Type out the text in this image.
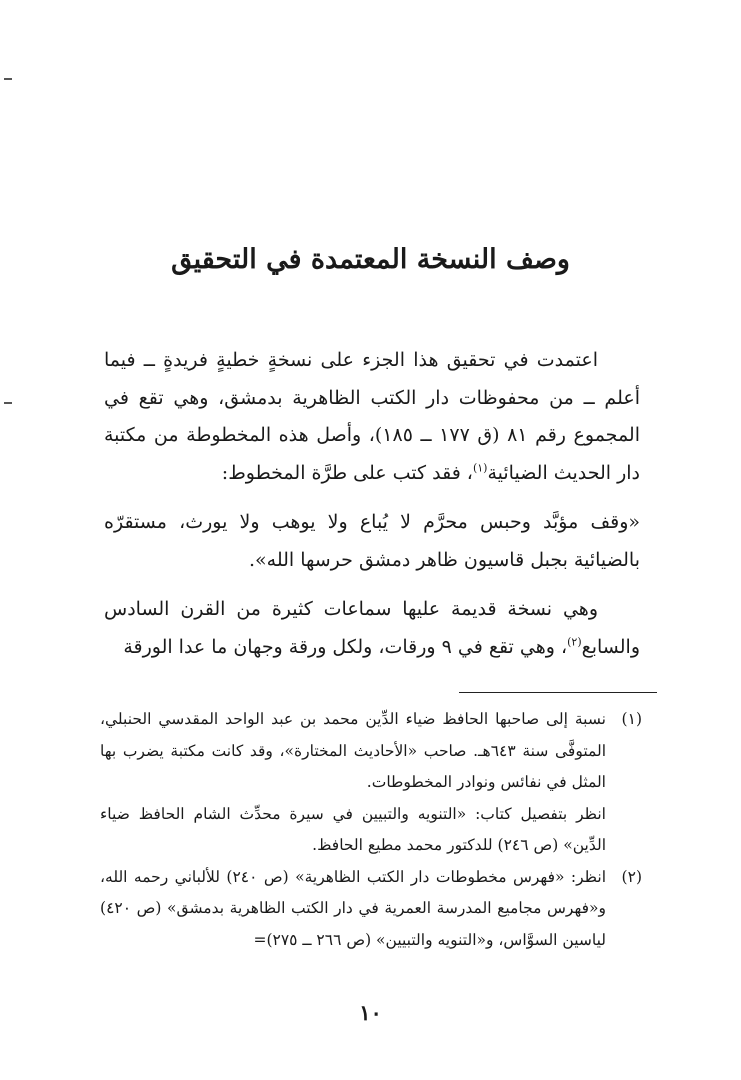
وصف النسخة المعتمدة في التحقيق

اعتمدت في تحقيق هذا الجزء على نسخةٍ خطيةٍ فريدةٍ ــ فيما أعلم ــ من محفوظات دار الكتب الظاهرية بدمشق، وهي تقع في المجموع رقم ٨١ (ق ١٧٧ ــ ١٨٥)، وأصل هذه المخطوطة من مكتبة دار الحديث الضيائية$^{(١)}$، فقد كتب على طرَّة المخطوط:

«وقف مؤبَّد وحبس محرَّم لا يُباع ولا يوهب ولا يورث، مستقرّه بالضيائية بجبل قاسيون ظاهر دمشق حرسها الله».

وهي نسخة قديمة عليها سماعات كثيرة من القرن السادس والسابع$^{(٢)}$، وهي تقع في ٩ ورقات، ولكل ورقة وجهان ما عدا الورقة

(١)
نسبة إلى صاحبها الحافظ ضياء الدِّين محمد بن عبد الواحد المقدسي الحنبلي، المتوفَّى سنة ٦٤٣هـ. صاحب «الأحاديث المختارة»، وقد كانت مكتبة يضرب بها المثل في نفائس ونوادر المخطوطات.
انظر بتفصيل كتاب: «التنويه والتبيين في سيرة محدِّث الشام الحافظ ضياء الدِّين» (ص ٢٤٦) للدكتور محمد مطيع الحافظ.
(٢)
انظر: «فهرس مخطوطات دار الكتب الظاهرية» (ص ٢٤٠) للألباني رحمه الله، و«فهرس مجاميع المدرسة العمرية في دار الكتب الظاهرية بدمشق» (ص ٤٢٠) لياسين السوَّاس، و«التنويه والتبيين» (ص ٢٦٦ ــ ٢٧٥)=
١٠
